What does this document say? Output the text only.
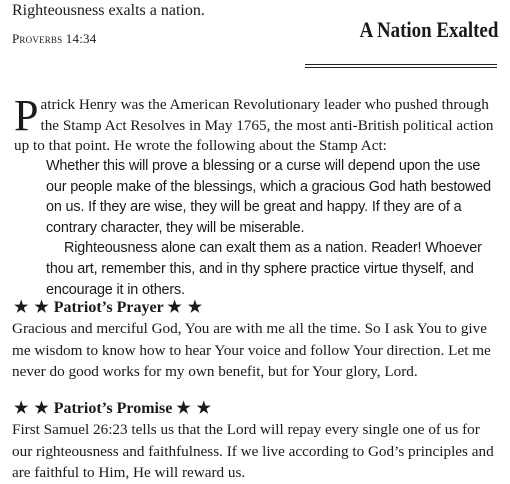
Righteousness exalts a nation.
Proverbs 14:34	A Nation Exalted
Patrick Henry was the American Revolutionary leader who pushed through the Stamp Act Resolves in May 1765, the most anti-British political action up to that point. He wrote the following about the Stamp Act:

Whether this will prove a blessing or a curse will depend upon the use our people make of the blessings, which a gracious God hath bestowed on us. If they are wise, they will be great and happy. If they are of a contrary character, they will be miserable.

Righteousness alone can exalt them as a nation. Reader! Whoever thou art, remember this, and in thy sphere practice virtue thyself, and encourage it in others.

★ ★ Patriot’s Prayer ★ ★
Gracious and merciful God, You are with me all the time. So I ask You to give me wisdom to know how to hear Your voice and follow Your direction. Let me never do good works for my own benefit, but for Your glory, Lord.
★ ★ Patriot’s Promise ★ ★
First Samuel 26:23 tells us that the Lord will repay every single one of us for our righteousness and faithfulness. If we live according to God’s principles and are faithful to Him, He will reward us.
